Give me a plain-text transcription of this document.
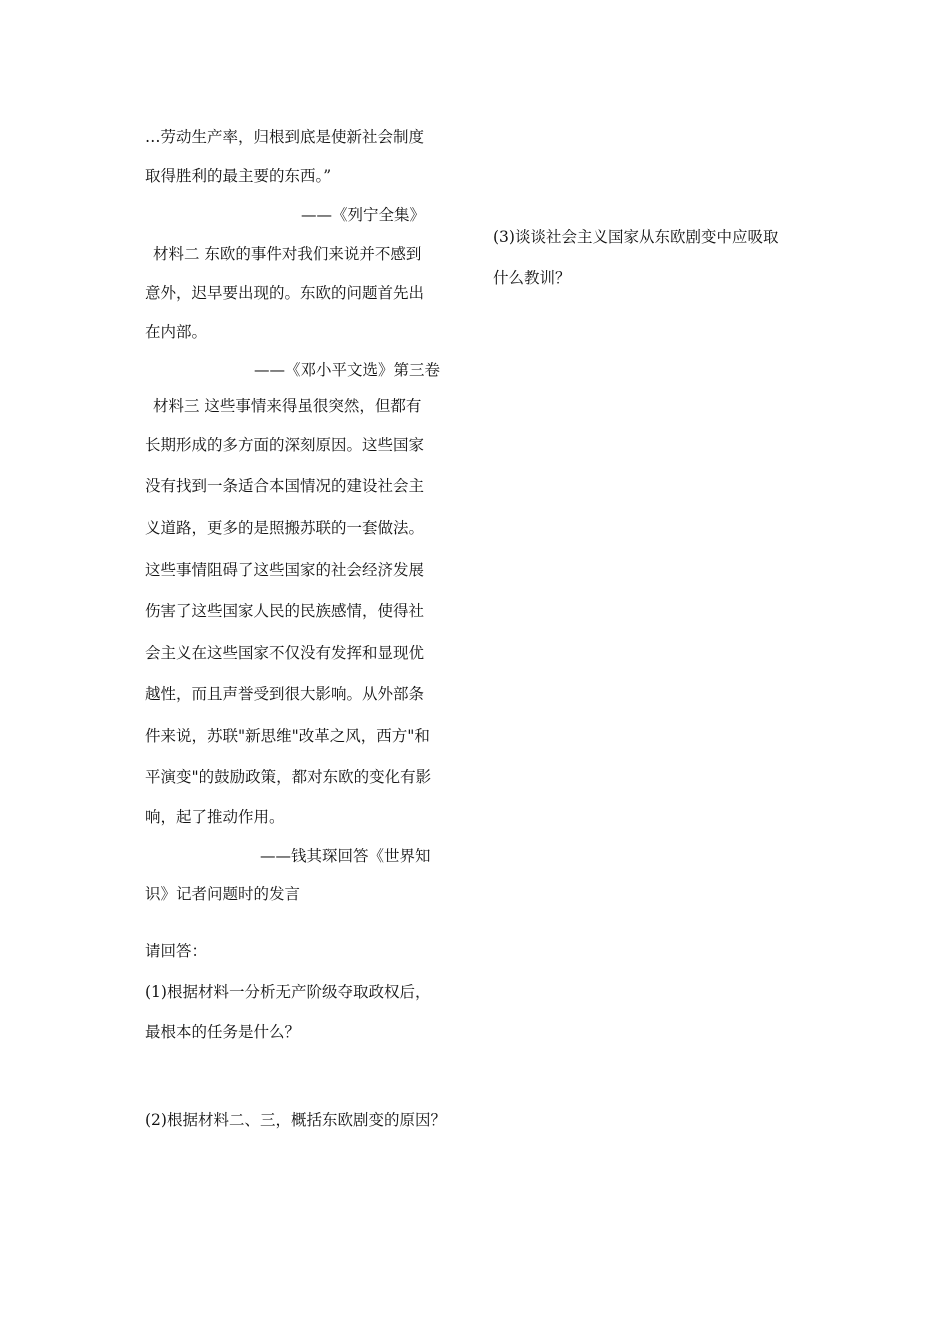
…劳动生产率，归根到底是使新社会制度
取得胜利的最主要的东西。”
——《列宁全集》
材料二 东欧的事件对我们来说并不感到
意外，迟早要出现的。东欧的问题首先出
在内部。
——《邓小平文选》第三卷
材料三 这些事情来得虽很突然，但都有
长期形成的多方面的深刻原因。这些国家
没有找到一条适合本国情况的建设社会主
义道路，更多的是照搬苏联的一套做法。
这些事情阻碍了这些国家的社会经济发展
伤害了这些国家人民的民族感情，使得社
会主义在这些国家不仅没有发挥和显现优
越性，而且声誉受到很大影响。从外部条
件来说，苏联"新思维"改革之风，西方"和
平演变"的鼓励政策，都对东欧的变化有影
响，起了推动作用。
——钱其琛回答《世界知
识》记者问题时的发言
请回答：
(1)根据材料一分析无产阶级夺取政权后，
最根本的任务是什么？
(2)根据材料二、三，概括东欧剧变的原因？
(3)谈谈社会主义国家从东欧剧变中应吸取
什么教训？
